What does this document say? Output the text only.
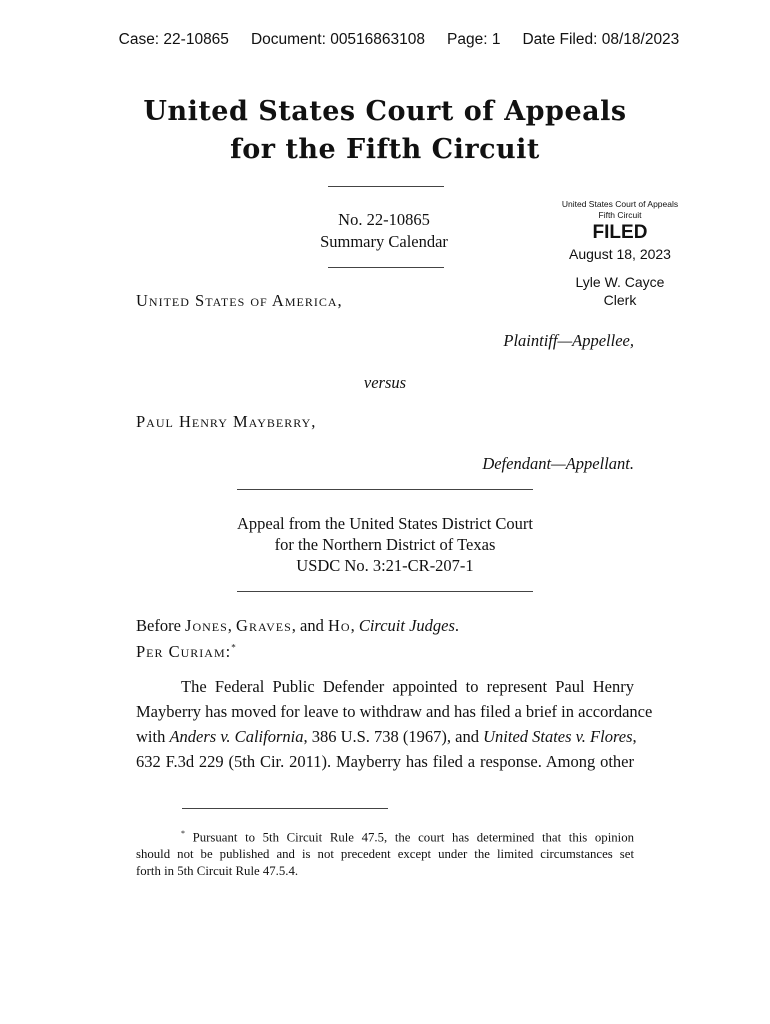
Case: 22-10865 Document: 00516863108 Page: 1 Date Filed: 08/18/2023

United States Court of Appeals
for the Fifth Circuit
No. 22-10865
Summary Calendar
United States Court of Appeals
Fifth Circuit
FILED
August 18, 2023
Lyle W. Cayce
Clerk
United States of America,
Plaintiff—Appellee,
versus
Paul Henry Mayberry,
Defendant—Appellant.
Appeal from the United States District Court
for the Northern District of Texas
USDC No. 3:21-CR-207-1
Before Jones, Graves, and Ho, Circuit Judges.
Per Curiam:*
The Federal Public Defender appointed to represent Paul Henry
Mayberry has moved for leave to withdraw and has filed a brief in accordance
with Anders v. California, 386 U.S. 738 (1967), and United States v. Flores,
632 F.3d 229 (5th Cir. 2011). Mayberry has filed a response. Among other
* Pursuant to 5th Circuit Rule 47.5, the court has determined that this opinion
should not be published and is not precedent except under the limited circumstances set
forth in 5th Circuit Rule 47.5.4.
